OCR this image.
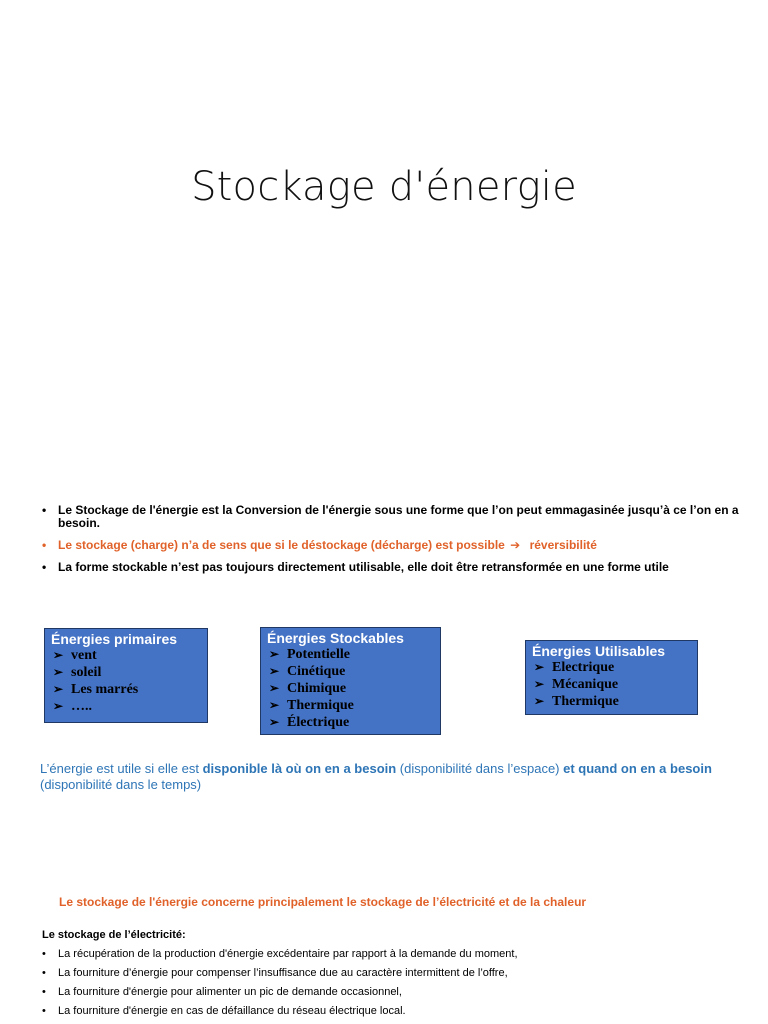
Stockage d'énergie
• Le Stockage de l'énergie est la Conversion de l'énergie sous une forme que l’on peut emmagasinée jusqu’à ce l’on en a besoin.
• Le stockage (charge) n’a de sens que si le déstockage (décharge) est possible ➔ réversibilité
• La forme stockable n’est pas toujours directement utilisable, elle doit être retransformée en une forme utile
Énergies primaires
➢ vent
➢ soleil
➢ Les marrés
➢ …..
Énergies Stockables
➢ Potentielle
➢ Cinétique
➢ Chimique
➢ Thermique
➢ Électrique
Énergies Utilisables
➢ Electrique
➢ Mécanique
➢ Thermique
L’énergie est utile si elle est disponible là où on en a besoin (disponibilité dans l’espace) et quand on en a besoin (disponibilité dans le temps)
Le stockage de l'énergie concerne principalement le stockage de l’électricité et de la chaleur
Le stockage de l’électricité:
• La récupération de la production d'énergie excédentaire par rapport à la demande du moment,
• La fourniture d’énergie pour compenser l’insuffisance due au caractère intermittent de l’offre,
• La fourniture d'énergie pour alimenter un pic de demande occasionnel,
• La fourniture d'énergie en cas de défaillance du réseau électrique local.
